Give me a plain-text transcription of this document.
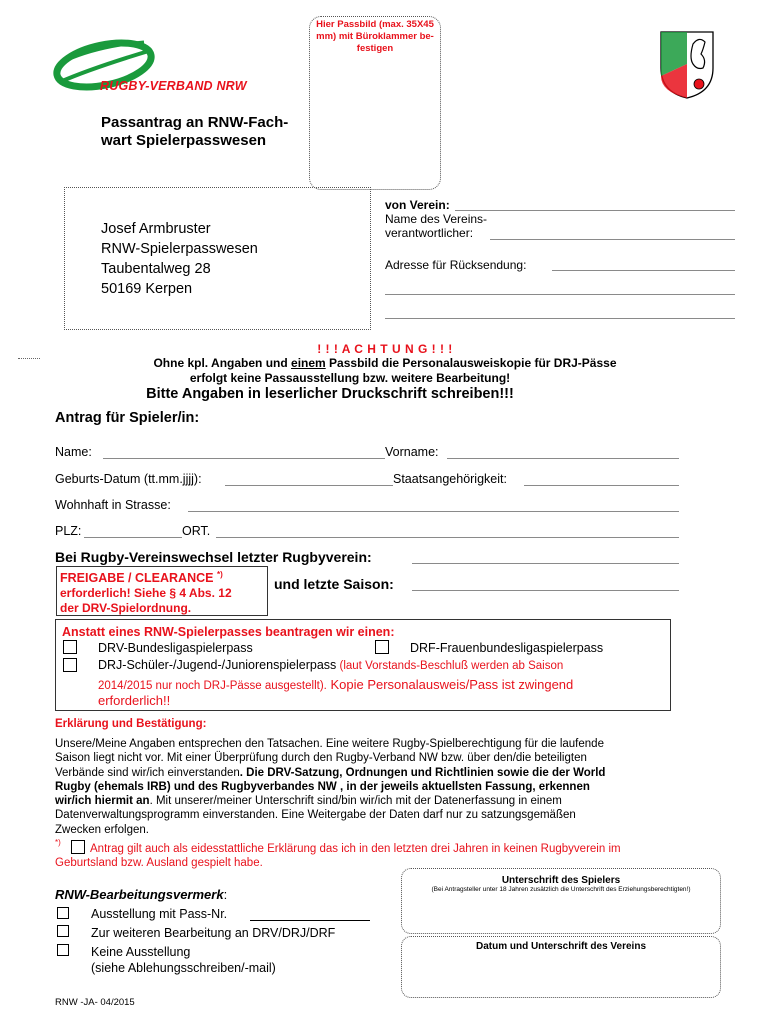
Hier Passbild (max. 35X45 mm) mit Büroklammer be-festigen
RUGBY-VERBAND NRW
Passantrag an RNW-Fach-
wart Spielerpasswesen
Josef Armbruster
RNW-Spielerpasswesen
Taubentalweg 28
50169 Kerpen
von Verein:
Name des Vereins-
verantwortlicher:
Adresse für Rücksendung:
! ! ! A C H T U N G ! ! !
Ohne kpl. Angaben und einem Passbild die Personalausweiskopie für DRJ-Pässe
erfolgt keine Passausstellung bzw. weitere Bearbeitung!
Bitte Angaben in leserlicher Druckschrift schreiben!!!
Antrag für Spieler/in:
Name:	Vorname:
Geburts-Datum (tt.mm.jjjj):	Staatsangehörigkeit:
Wohnhaft in Strasse:
PLZ:	ORT.
Bei Rugby-Vereinswechsel letzter Rugbyverein:
FREIGABE / CLEARANCE *)
erforderlich! Siehe § 4 Abs. 12
der DRV-Spielordnung.
und letzte Saison:
Anstatt eines RNW-Spielerpasses beantragen wir einen:
DRV-Bundesligaspielerpass	DRF-Frauenbundesligaspielerpass
DRJ-Schüler-/Jugend-/Juniorenspielerpass (laut Vorstands-Beschluß werden ab Saison
2014/2015 nur noch DRJ-Pässe ausgestellt). Kopie Personalausweis/Pass ist zwingend
erforderlich!!
Erklärung und Bestätigung:
Unsere/Meine Angaben entsprechen den Tatsachen. Eine weitere Rugby-Spielberechtigung für die laufende
Saison liegt nicht vor. Mit einer Überprüfung durch den Rugby-Verband NW bzw. über den/die beteiligten
Verbände sind wir/ich einverstanden. Die DRV-Satzung, Ordnungen und Richtlinien sowie die der World
Rugby (ehemals IRB) und des Rugbyverbandes NW , in der jeweils aktuellsten Fassung, erkennen
wir/ich hiermit an. Mit unserer/meiner Unterschrift sind/bin wir/ich mit der Datenerfassung in einem
Datenverwaltungsprogramm einverstanden. Eine Weitergabe der Daten darf nur zu satzungsgemäßen
Zwecken erfolgen.
*)
Antrag gilt auch als eidesstattliche Erklärung das ich in den letzten drei Jahren in keinen Rugbyverein im
Geburtsland bzw. Ausland gespielt habe.
RNW-Bearbeitungsvermerk:
Ausstellung mit Pass-Nr.
Zur weiteren Bearbeitung an DRV/DRJ/DRF
Keine Ausstellung
(siehe Ablehungsschreiben/-mail)
Unterschrift des Spielers
(Bei Antragsteller unter 18 Jahren zusätzlich die Unterschrift des Erziehungsberechtigten!)
Datum und Unterschrift des Vereins
RNW -JA- 04/2015
